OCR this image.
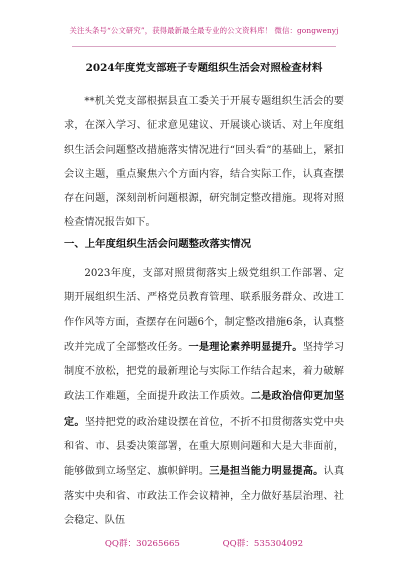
关注头条号“公文研究”，获得最新最全最专业的公文资料库！ 微信：gongwenyj
2024年度党支部班子专题组织生活会对照检查材料

**机关党支部根据县直工委关于开展专题组织生活会的要求，在深入学习、征求意见建议、开展谈心谈话、对上年度组织生活会问题整改措施落实情况进行“回头看”的基础上，紧扣会议主题，重点聚焦六个方面内容，结合实际工作，认真查摆存在问题，深刻剖析问题根源，研究制定整改措施。现将对照检查情况报告如下。

一、上年度组织生活会问题整改落实情况

2023年度，支部对照贯彻落实上级党组织工作部署、定期开展组织生活、严格党员教育管理、联系服务群众、改进工作作风等方面，查摆存在问题6个，制定整改措施6条，认真整改并完成了全部整改任务。一是理论素养明显提升。坚持学习制度不放松，把党的最新理论与实际工作结合起来，着力破解政法工作难题，全面提升政法工作质效。二是政治信仰更加坚定。坚持把党的政治建设摆在首位，不折不扣贯彻落实党中央和省、市、县委决策部署，在重大原则问题和大是大非面前，能够做到立场坚定、旗帜鲜明。三是担当能力明显提高。认真落实中央和省、市政法工作会议精神，全力做好基层治理、社会稳定、队伍

QQ群：30265665	QQ群：535304092
